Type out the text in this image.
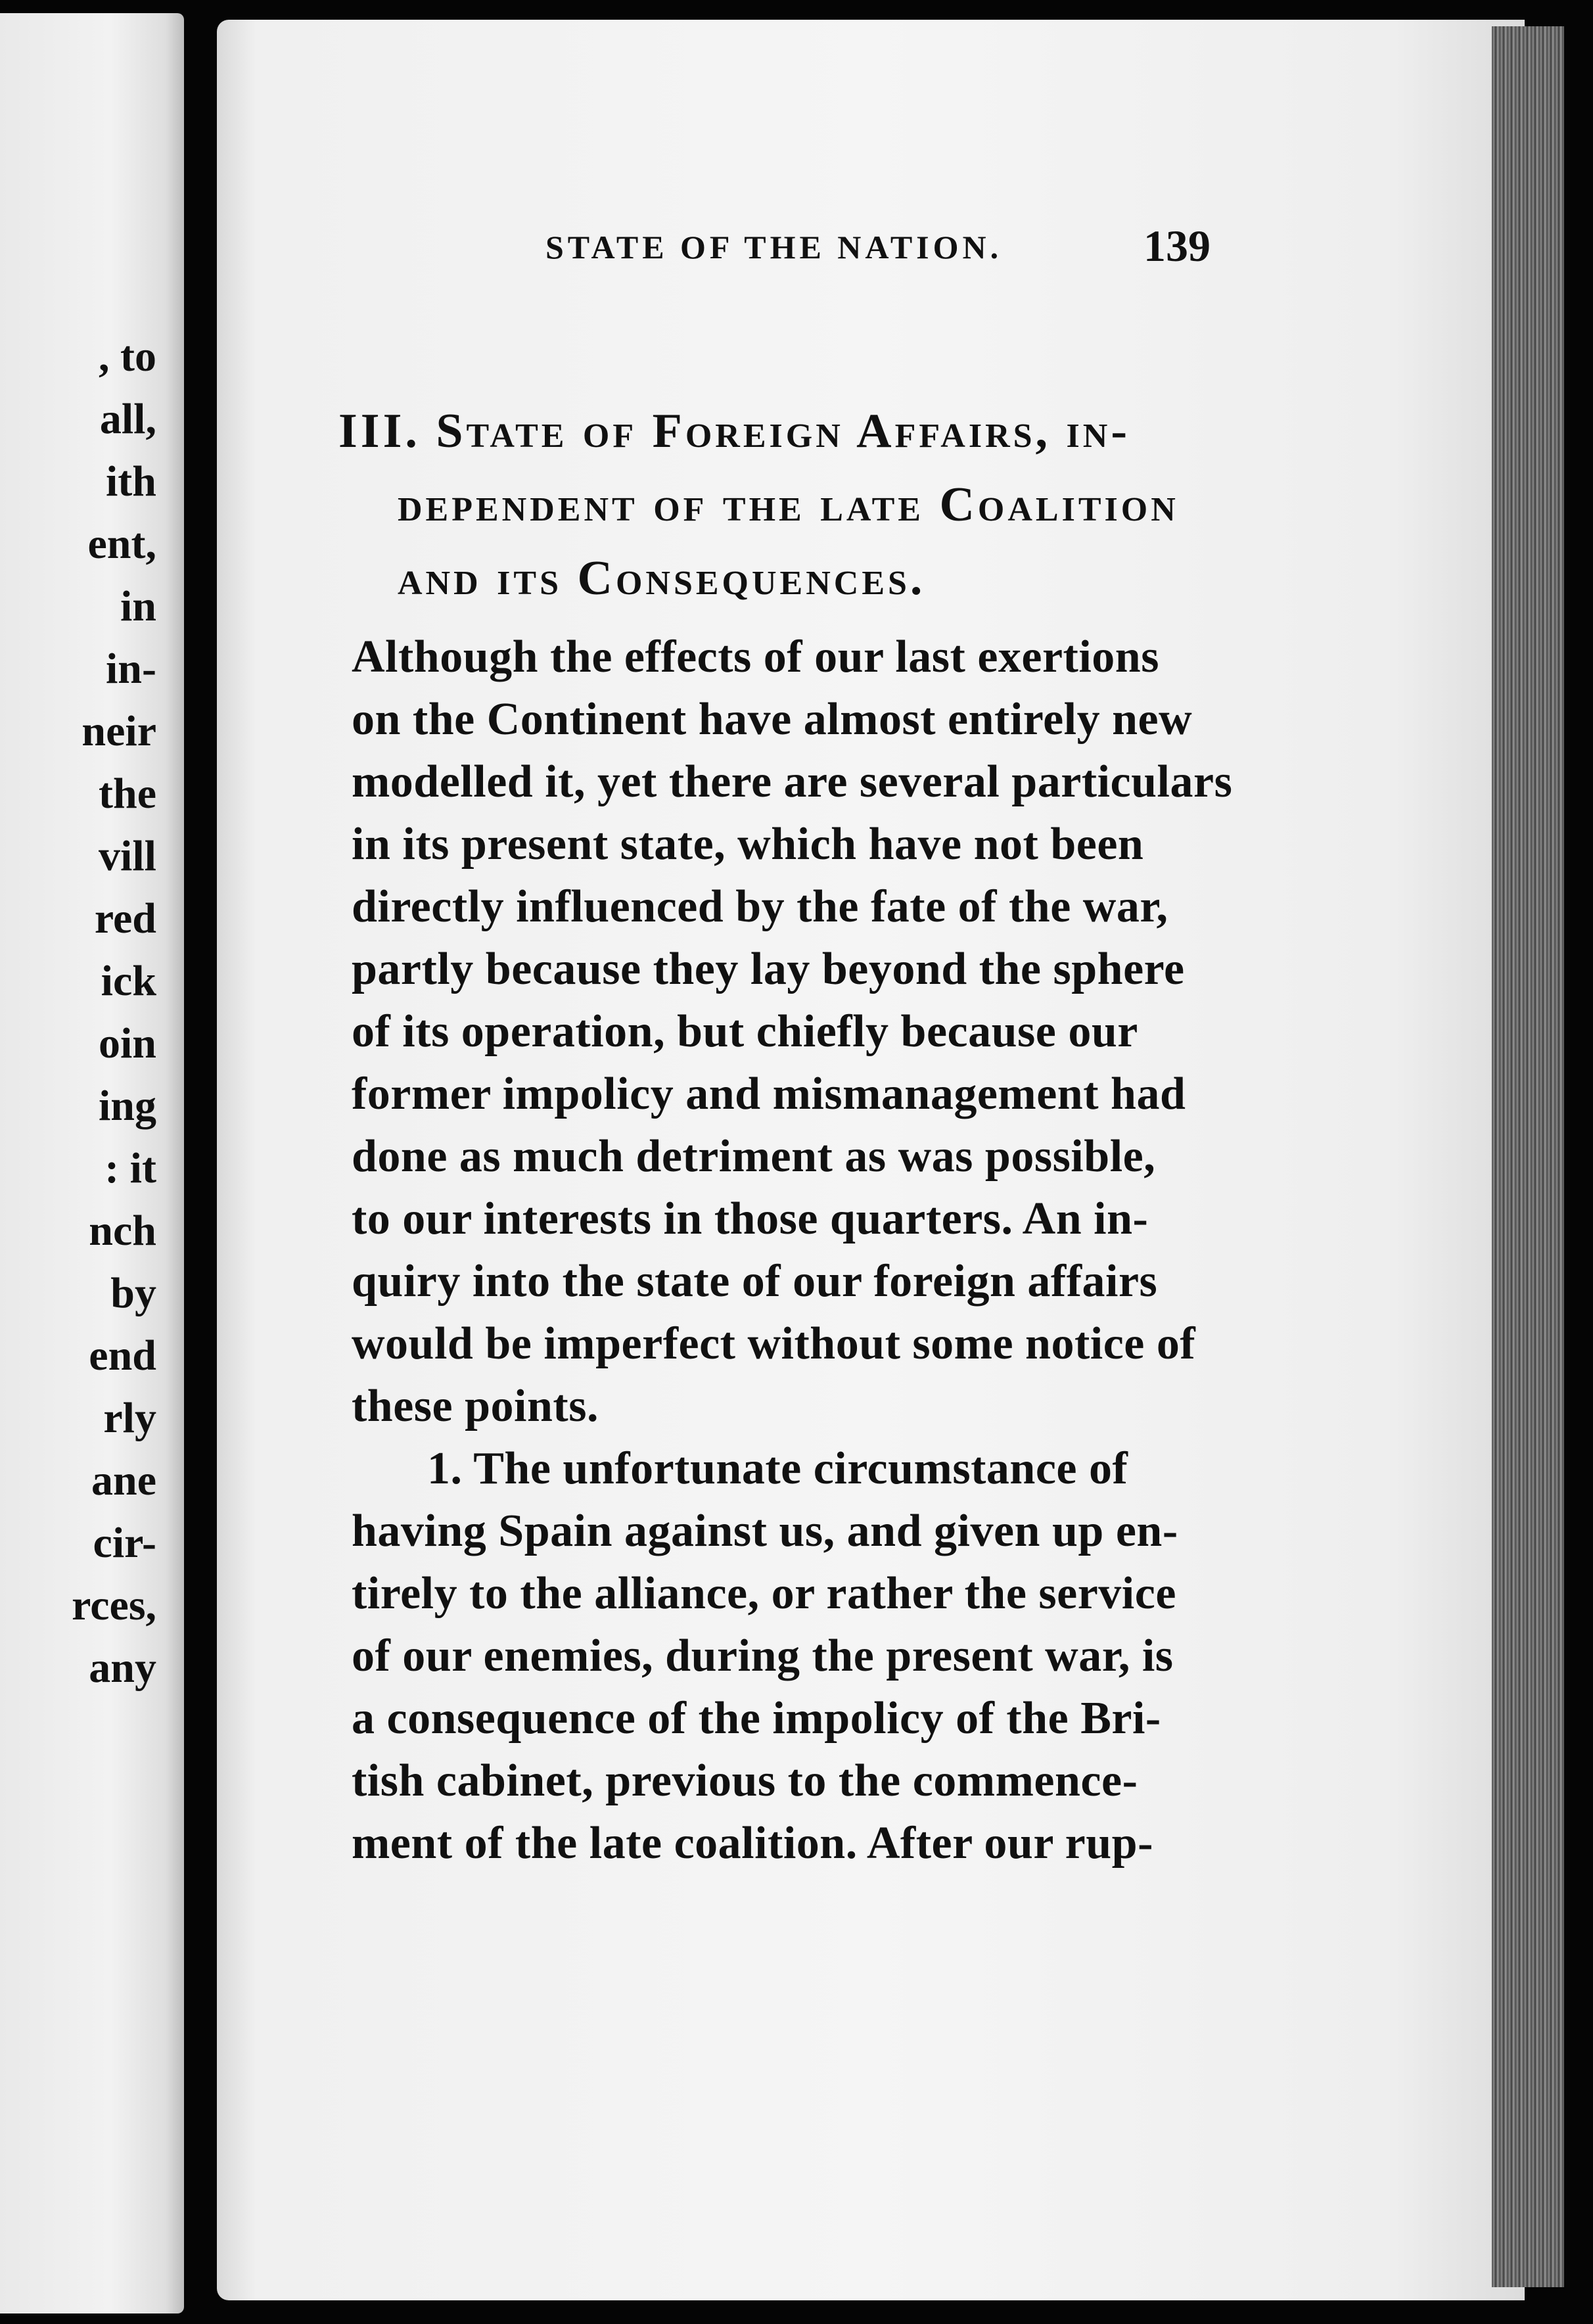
, to

all,

ith

ent,

in

in-

neir

the

vill

red

ick

oin

ing

: it

nch

by

end

rly

ane

cir-

rces,

any

STATE OF THE NATION.	139
III. State of Foreign Affairs, in-
dependent of the late Coalition
and its Consequences.

Although the effects of our last exertions

on the Continent have almost entirely new

modelled it, yet there are several particulars

in its present state, which have not been

directly influenced by the fate of the war,

partly because they lay beyond the sphere

of its operation, but chiefly because our

former impolicy and mismanagement had

done as much detriment as was possible,

to our interests in those quarters. An in-

quiry into the state of our foreign affairs

would be imperfect without some notice of

these points.

1. The unfortunate circumstance of

having Spain against us, and given up en-

tirely to the alliance, or rather the service

of our enemies, during the present war, is

a consequence of the impolicy of the Bri-

tish cabinet, previous to the commence-

ment of the late coalition. After our rup-
